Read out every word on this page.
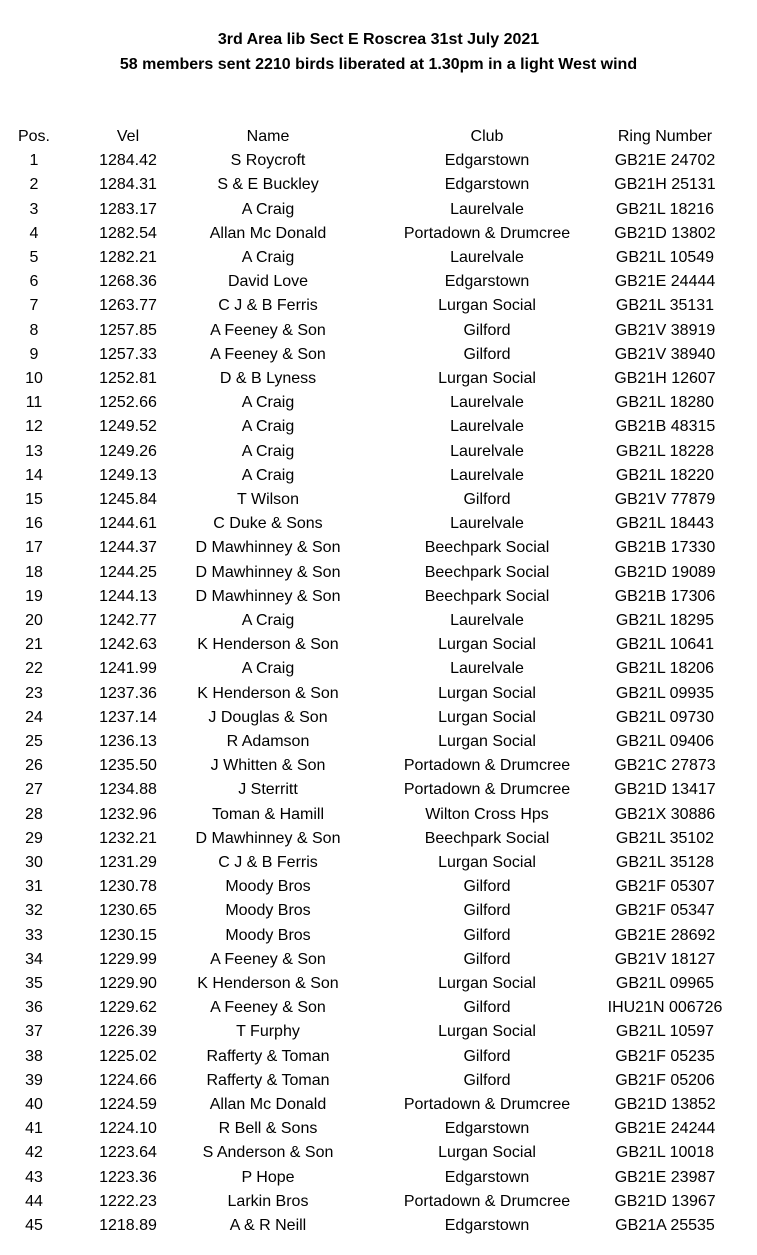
3rd Area lib Sect E Roscrea 31st July 2021
58 members sent 2210 birds liberated at 1.30pm in a light West wind
Pos.	Vel	Name	Club	Ring Number
1	1284.42	S Roycroft	Edgarstown	GB21E 24702
2	1284.31	S & E Buckley	Edgarstown	GB21H 25131
3	1283.17	A Craig	Laurelvale	GB21L 18216
4	1282.54	Allan Mc Donald	Portadown & Drumcree	GB21D 13802
5	1282.21	A Craig	Laurelvale	GB21L 10549
6	1268.36	David Love	Edgarstown	GB21E 24444
7	1263.77	C J & B Ferris	Lurgan Social	GB21L 35131
8	1257.85	A Feeney & Son	Gilford	GB21V 38919
9	1257.33	A Feeney & Son	Gilford	GB21V 38940
10	1252.81	D & B Lyness	Lurgan Social	GB21H 12607
11	1252.66	A Craig	Laurelvale	GB21L 18280
12	1249.52	A Craig	Laurelvale	GB21B 48315
13	1249.26	A Craig	Laurelvale	GB21L 18228
14	1249.13	A Craig	Laurelvale	GB21L 18220
15	1245.84	T Wilson	Gilford	GB21V 77879
16	1244.61	C Duke & Sons	Laurelvale	GB21L 18443
17	1244.37	D Mawhinney & Son	Beechpark Social	GB21B 17330
18	1244.25	D Mawhinney & Son	Beechpark Social	GB21D 19089
19	1244.13	D Mawhinney & Son	Beechpark Social	GB21B 17306
20	1242.77	A Craig	Laurelvale	GB21L 18295
21	1242.63	K Henderson & Son	Lurgan Social	GB21L 10641
22	1241.99	A Craig	Laurelvale	GB21L 18206
23	1237.36	K Henderson & Son	Lurgan Social	GB21L 09935
24	1237.14	J Douglas & Son	Lurgan Social	GB21L 09730
25	1236.13	R Adamson	Lurgan Social	GB21L 09406
26	1235.50	J Whitten & Son	Portadown & Drumcree	GB21C 27873
27	1234.88	J Sterritt	Portadown & Drumcree	GB21D 13417
28	1232.96	Toman & Hamill	Wilton Cross Hps	GB21X 30886
29	1232.21	D Mawhinney & Son	Beechpark Social	GB21L 35102
30	1231.29	C J & B Ferris	Lurgan Social	GB21L 35128
31	1230.78	Moody Bros	Gilford	GB21F 05307
32	1230.65	Moody Bros	Gilford	GB21F 05347
33	1230.15	Moody Bros	Gilford	GB21E 28692
34	1229.99	A Feeney & Son	Gilford	GB21V 18127
35	1229.90	K Henderson & Son	Lurgan Social	GB21L 09965
36	1229.62	A Feeney & Son	Gilford	IHU21N 006726
37	1226.39	T Furphy	Lurgan Social	GB21L 10597
38	1225.02	Rafferty & Toman	Gilford	GB21F 05235
39	1224.66	Rafferty & Toman	Gilford	GB21F 05206
40	1224.59	Allan Mc Donald	Portadown & Drumcree	GB21D 13852
41	1224.10	R Bell & Sons	Edgarstown	GB21E 24244
42	1223.64	S Anderson & Son	Lurgan Social	GB21L 10018
43	1223.36	P Hope	Edgarstown	GB21E 23987
44	1222.23	Larkin Bros	Portadown & Drumcree	GB21D 13967
45	1218.89	A & R Neill	Edgarstown	GB21A 25535
